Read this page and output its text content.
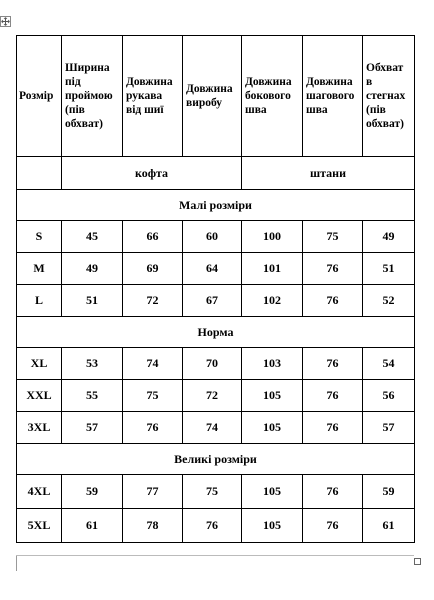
Розмір	Ширина під проймою (пів обхват)	Довжина рукава від шиї	Довжина виробу	Довжина бокового шва	Довжина шагового шва	Обхват в стегнах (пів обхват)
	кофта			штани		
Малі розміри						
S	45	66	60	100	75	49
M	49	69	64	101	76	51
L	51	72	67	102	76	52
Норма						
XL	53	74	70	103	76	54
XXL	55	75	72	105	76	56
3XL	57	76	74	105	76	57
Великі розміри						
4XL	59	77	75	105	76	59
5XL	61	78	76	105	76	61
